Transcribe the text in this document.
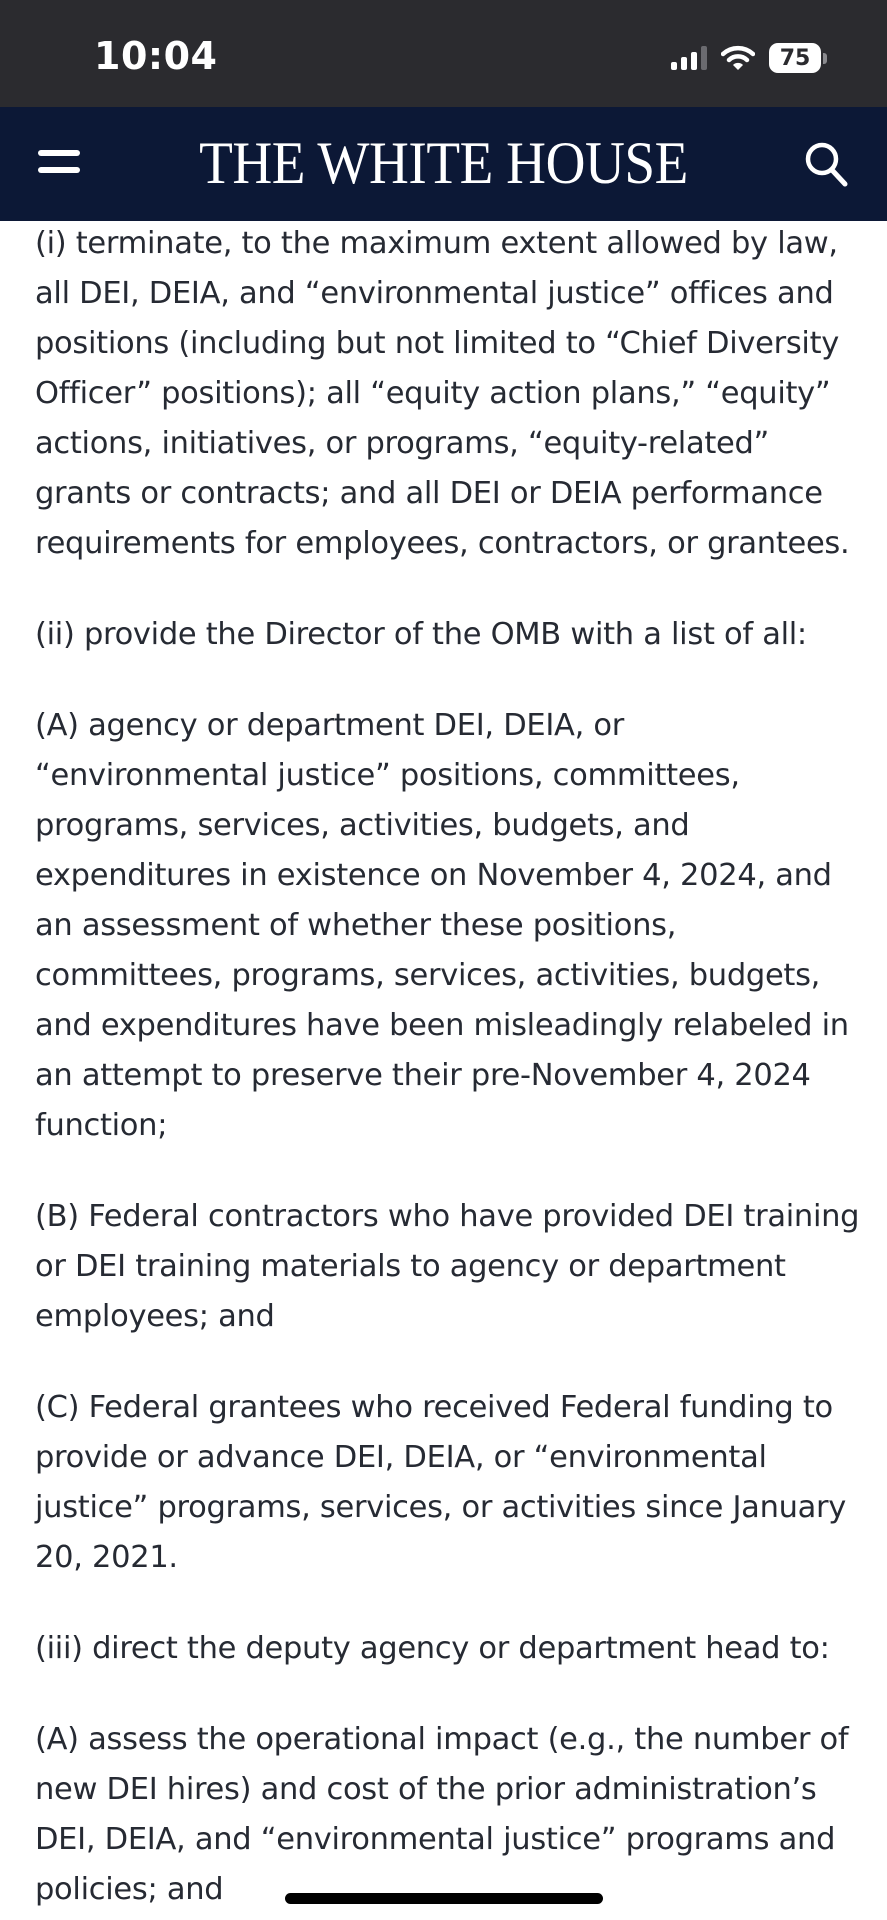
10:04	75
THE WHITE HOUSE

(i) terminate, to the maximum extent allowed by law, all DEI, DEIA, and “environmental justice” offices and positions (including but not limited to “Chief Diversity Officer” positions); all “equity action plans,” “equity” actions, initiatives, or programs, “equity-related” grants or contracts; and all DEI or DEIA performance requirements for employees, contractors, or grantees.

(ii) provide the Director of the OMB with a list of all:

(A) agency or department DEI, DEIA, or “environmental justice” positions, committees, programs, services, activities, budgets, and expenditures in existence on November 4, 2024, and an assessment of whether these positions, committees, programs, services, activities, budgets, and expenditures have been misleadingly relabeled in an attempt to preserve their pre-November 4, 2024 function;

(B) Federal contractors who have provided DEI training or DEI training materials to agency or department employees; and

(C) Federal grantees who received Federal funding to provide or advance DEI, DEIA, or “environmental justice” programs, services, or activities since January 20, 2021.

(iii) direct the deputy agency or department head to:

(A) assess the operational impact (e.g., the number of new DEI hires) and cost of the prior administration’s DEI, DEIA, and “environmental justice” programs and policies; and
